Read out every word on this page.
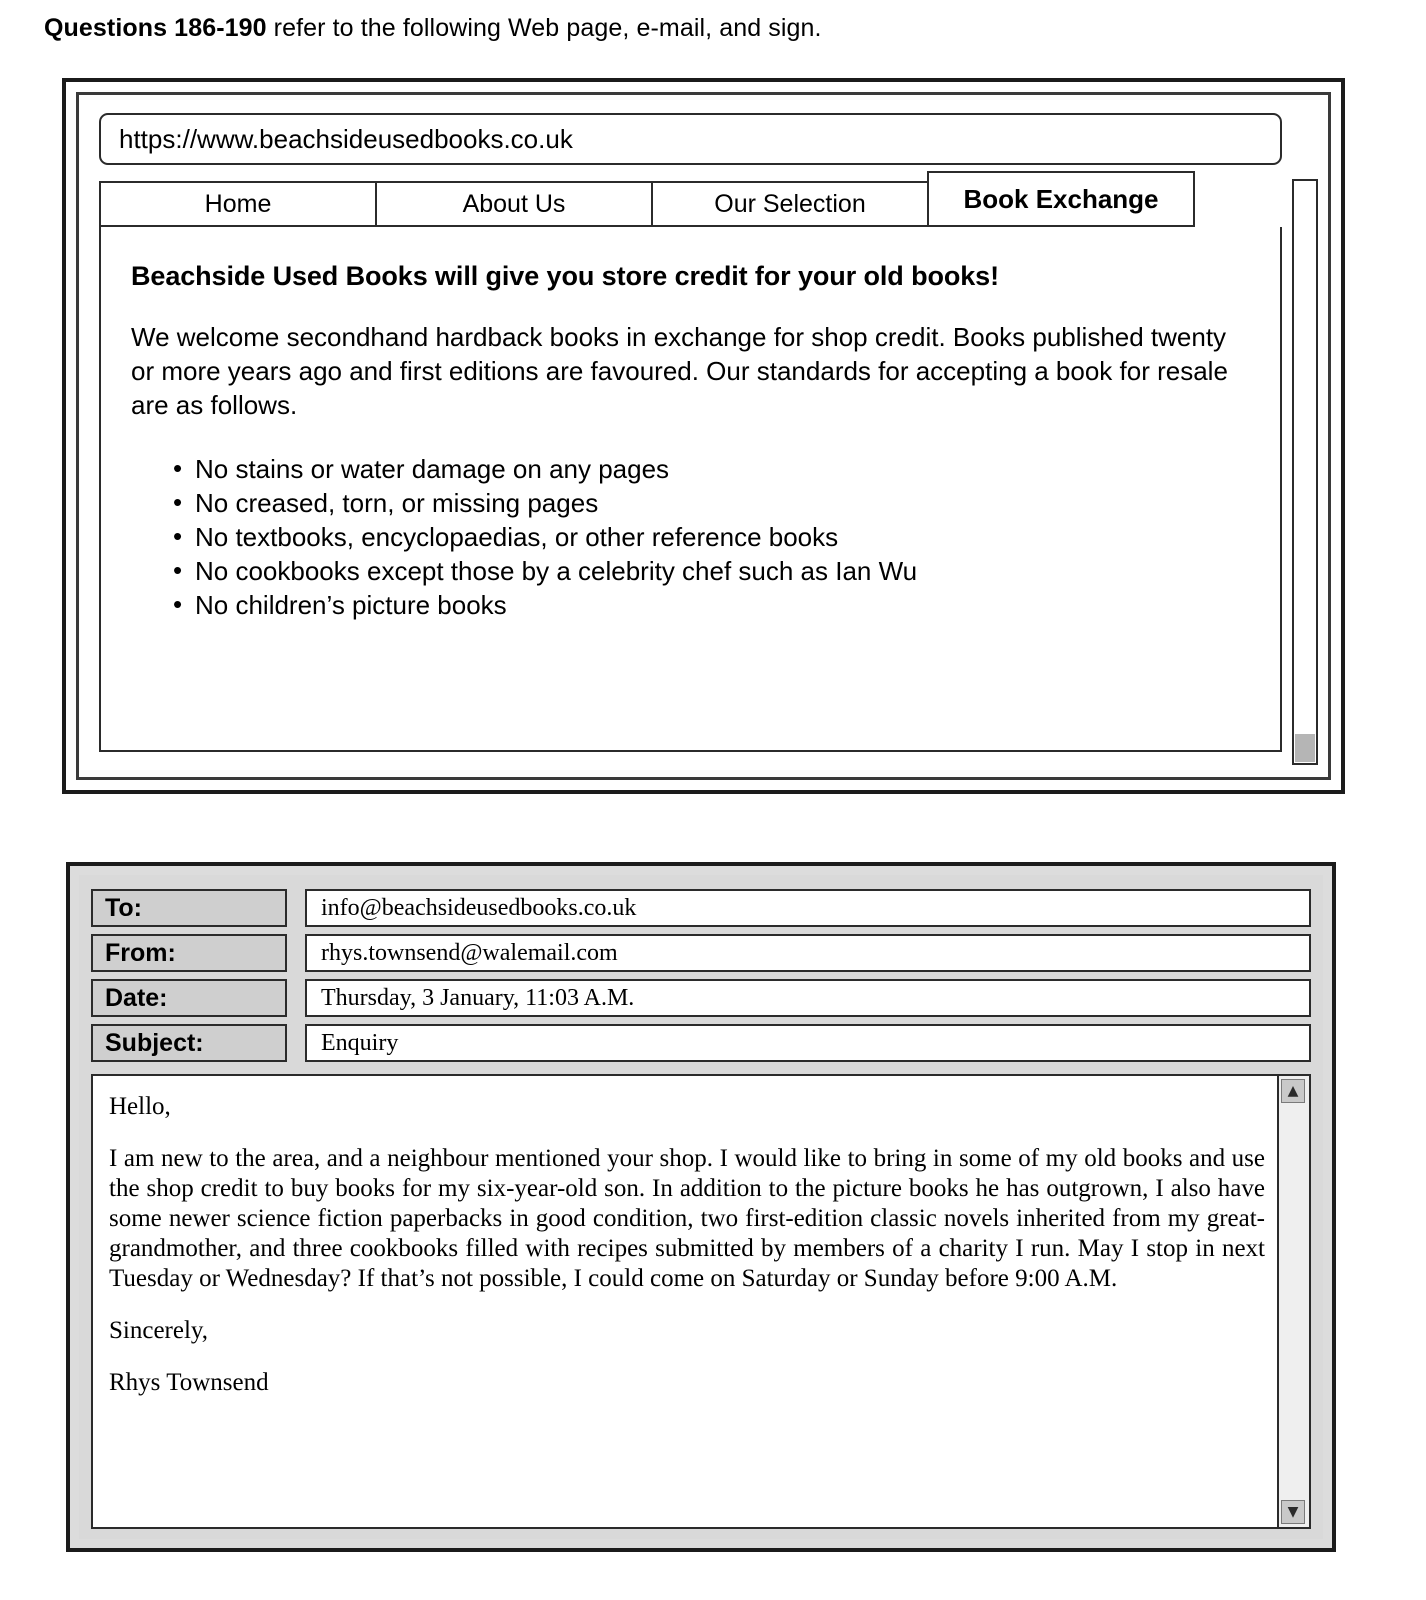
Questions 186-190 refer to the following Web page, e-mail, and sign.
https://www.beachsideusedbooks.co.uk
Home	About Us	Our Selection	Book Exchange
Beachside Used Books will give you store credit for your old books!
We welcome secondhand hardback books in exchange for shop credit. Books published twenty or more years ago and first editions are favoured. Our standards for accepting a book for resale are as follows.
• No stains or water damage on any pages
• No creased, torn, or missing pages
• No textbooks, encyclopaedias, or other reference books
• No cookbooks except those by a celebrity chef such as Ian Wu
• No children’s picture books
To:	info@beachsideusedbooks.co.uk
From:	rhys.townsend@walemail.com
Date:	Thursday, 3 January, 11:03 A.M.
Subject:	Enquiry

Hello,

I am new to the area, and a neighbour mentioned your shop. I would like to bring in some of my old books and use the shop credit to buy books for my six-year-old son. In addition to the picture books he has outgrown, I also have some newer science fiction paperbacks in good condition, two first-edition classic novels inherited from my great-grandmother, and three cookbooks filled with recipes submitted by members of a charity I run. May I stop in next Tuesday or Wednesday? If that’s not possible, I could come on Saturday or Sunday before 9:00 A.M.

Sincerely,

Rhys Townsend

▲
▼
